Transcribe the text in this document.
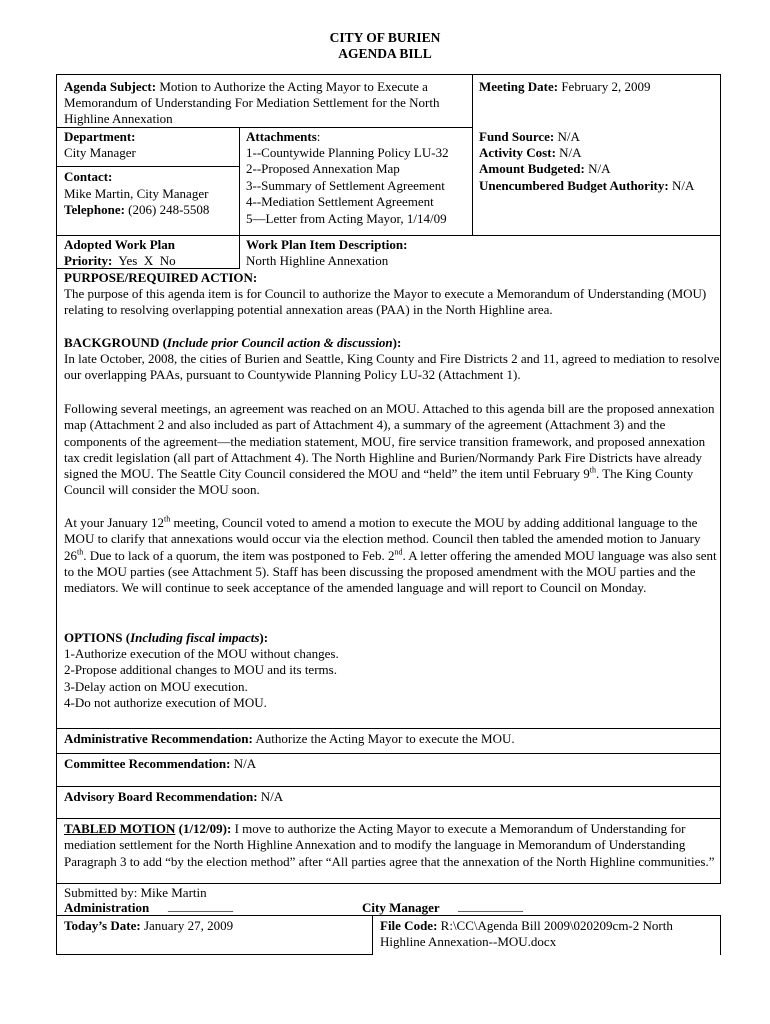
CITY OF BURIEN
AGENDA BILL
Agenda Subject: Motion to Authorize the Acting Mayor to Execute a
Memorandum of Understanding For Mediation Settlement for the North
Highline Annexation
Meeting Date: February 2, 2009
Department:
City Manager
Contact:
Mike Martin, City Manager
Telephone: (206) 248-5508
Attachments:
1--Countywide Planning Policy LU-32
2--Proposed Annexation Map
3--Summary of Settlement Agreement
4--Mediation Settlement Agreement
5—Letter from Acting Mayor, 1/14/09
Fund Source: N/A
Activity Cost: N/A
Amount Budgeted: N/A
Unencumbered Budget Authority: N/A
Adopted Work Plan
Priority: Yes  X  No
Work Plan Item Description:
North Highline Annexation
PURPOSE/REQUIRED ACTION:
The purpose of this agenda item is for Council to authorize the Mayor to execute a Memorandum of Understanding (MOU) relating to resolving overlapping potential annexation areas (PAA) in the North Highline area.
BACKGROUND (Include prior Council action & discussion):
In late October, 2008, the cities of Burien and Seattle, King County and Fire Districts 2 and 11, agreed to mediation to resolve our overlapping PAAs, pursuant to Countywide Planning Policy LU-32 (Attachment 1).
Following several meetings, an agreement was reached on an MOU. Attached to this agenda bill are the proposed annexation map (Attachment 2 and also included as part of Attachment 4), a summary of the agreement (Attachment 3) and the components of the agreement—the mediation statement, MOU, fire service transition framework, and proposed annexation tax credit legislation (all part of Attachment 4). The North Highline and Burien/Normandy Park Fire Districts have already signed the MOU. The Seattle City Council considered the MOU and “held” the item until February 9th. The King County Council will consider the MOU soon.
At your January 12th meeting, Council voted to amend a motion to execute the MOU by adding additional language to the MOU to clarify that annexations would occur via the election method. Council then tabled the amended motion to January 26th. Due to lack of a quorum, the item was postponed to Feb. 2nd. A letter offering the amended MOU language was also sent to the MOU parties (see Attachment 5). Staff has been discussing the proposed amendment with the MOU parties and the mediators. We will continue to seek acceptance of the amended language and will report to Council on Monday.
OPTIONS (Including fiscal impacts):
1-Authorize execution of the MOU without changes.
2-Propose additional changes to MOU and its terms.
3-Delay action on MOU execution.
4-Do not authorize execution of MOU.
Administrative Recommendation: Authorize the Acting Mayor to execute the MOU.
Committee Recommendation: N/A
Advisory Board Recommendation: N/A
TABLED MOTION (1/12/09): I move to authorize the Acting Mayor to execute a Memorandum of Understanding for mediation settlement for the North Highline Annexation and to modify the language in Memorandum of Understanding Paragraph 3 to add “by the election method” after “All parties agree that the annexation of the North Highline communities.”
Submitted by: Mike Martin
Administration __________	City Manager __________
Today’s Date: January 27, 2009	File Code: R:\CC\Agenda Bill 2009\020209cm-2 North
Highline Annexation--MOU.docx
